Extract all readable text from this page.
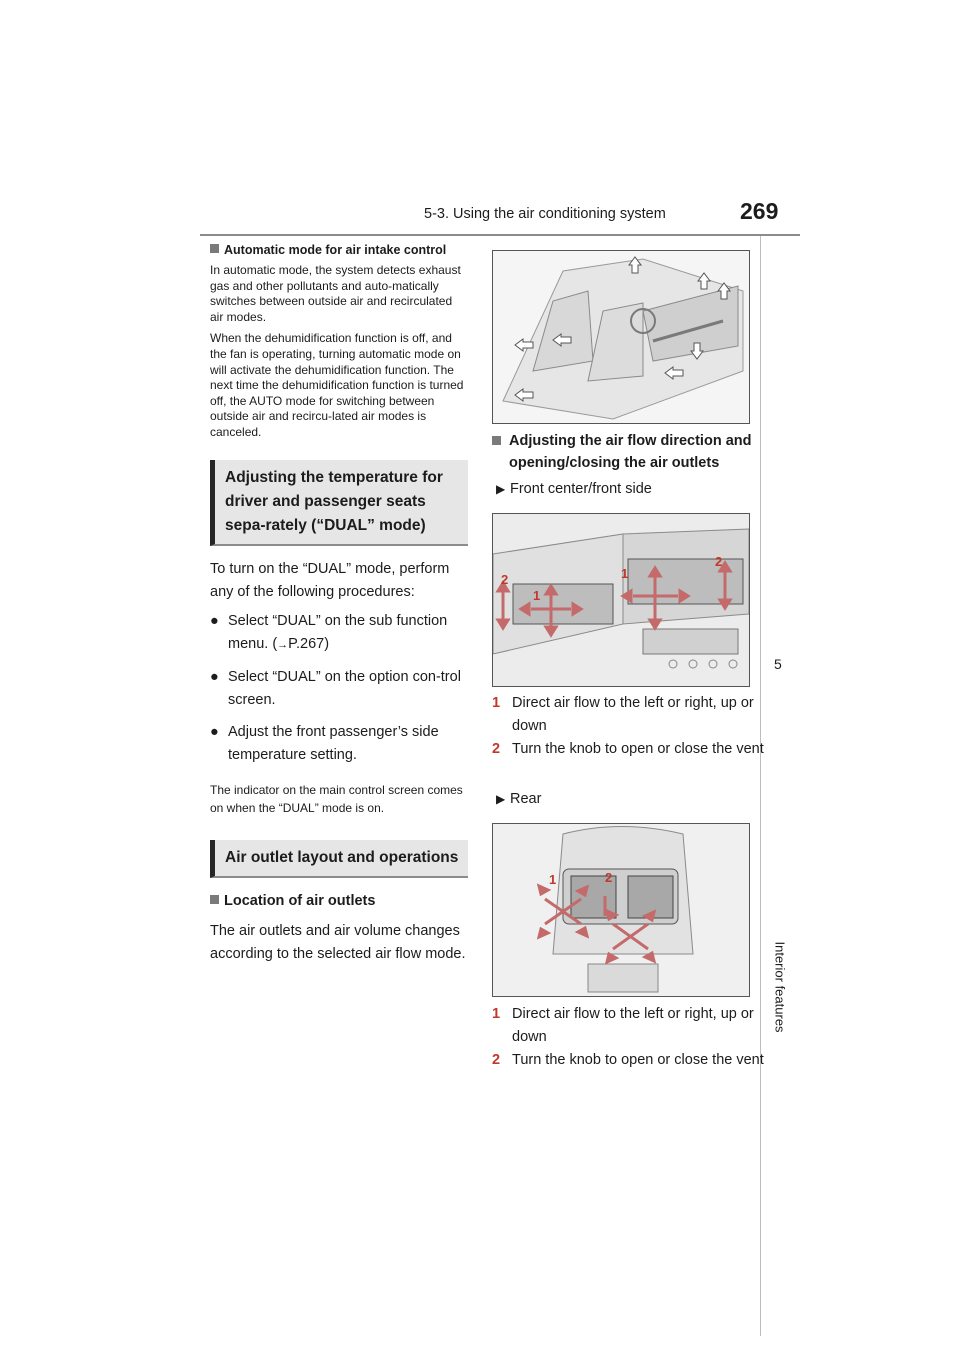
5-3. Using the air conditioning system	269
5
Interior features
Automatic mode for air intake control
In automatic mode, the system detects exhaust gas and other pollutants and auto-matically switches between outside air and recirculated air modes.
When the dehumidification function is off, and the fan is operating, turning automatic mode on will activate the dehumidification function. The next time the dehumidification function is turned off, the AUTO mode for switching between outside air and recircu-lated air modes is canceled.
Adjusting the temperature for driver and passenger seats sepa-rately (“DUAL” mode)
To turn on the “DUAL” mode, perform any of the following procedures:
● Select “DUAL” on the sub function menu. (→P.267)
● Select “DUAL” on the option con-trol screen.
● Adjust the front passenger’s side temperature setting.
The indicator on the main control screen comes on when the “DUAL” mode is on.
Air outlet layout and operations
Location of air outlets
The air outlets and air volume changes according to the selected air flow mode.
Adjusting the air flow direction and opening/closing the air outlets
▶ Front center/front side
2
1
1
2
1 Direct air flow to the left or right, up or down
2 Turn the knob to open or close the vent
▶ Rear
1	2
1 Direct air flow to the left or right, up or down
2 Turn the knob to open or close the vent
